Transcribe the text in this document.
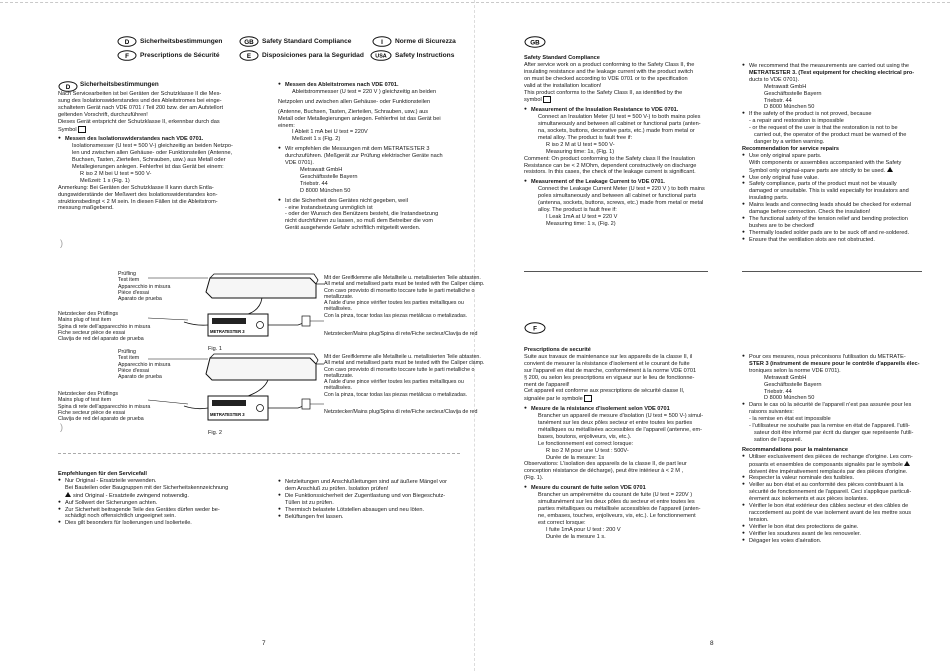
)
)
D Sicherheitsbestimmungen	GB Safety Standard Compliance	I Norme di Sicurezza
F Prescriptions de Sécurité	E Disposiciones para la Seguridad USA Safety Instructions
D Sicherheitsbestimmungen

Nach Servicearbeiten ist bei Geräten der Schutzklasse II die Mes-

sung des Isolationswiderstandes und des Ableitstromes bei einge-

schaltetem Gerät nach VDE 0701 / Teil 200 bzw. der am Aufstellort

geltenden Vorschrift, durchzuführen!

Dieses Gerät entspricht der Schutzklasse II, erkennbar durch das

Symbol

● Messen des Isolationswiderstandes nach VDE 0701.

Isolationsmesser (U test = 500 V-) gleichzeitig an beiden Netzpo-

len und zwischen allen Gehäuse- oder Funktionsteilen (Antenne,

Buchsen, Tasten, Zierteilen, Schrauben, usw.) aus Metall oder

Metallegierungen anlegen. Fehlerfrei ist das Gerät bei einem:

R iso 2 M bei U test = 500 V-

Meßzeit: 1 s (Fig. 1)

Anmerkung: Bei Geräten der Schutzklasse II kann durch Entla-

dungswiderstände der Meßwert des Isolationswiderstandes kon-

struktionsbedingt < 2 M sein. In diesen Fällen ist die Ableitstrom-

messung maßgebend.

● Messen des Ableitstromes nach VDE 0701.

Ableitstrommesser (U test = 220 V ) gleichzeitig an beiden

Netzpolen und zwischen allen Gehäuse- oder Funktionsteilen

(Antenne, Buchsen, Tasten, Zierteilen, Schrauben, usw.) aus

Metall oder Metallegierungen anlegen. Fehlerfrei ist das Gerät bei

einem:

I Ableit 1 mA bei U test = 220V

Meßzeit 1 s (Fig. 2)

● Wir empfehlen die Messungen mit dem METRATESTER 3

durchzuführen. (Meßgerät zur Prüfung elektrischer Geräte nach

VDE 0701).

Metrawatt GmbH

Geschäftsstelle Bayern

Triebstr. 44

D 8000 München 50

● Ist die Sicherheit des Gerätes nicht gegeben, weil

- eine Instandsetzung unmöglich ist

- oder der Wunsch des Benützers besteht, die Instandsetzung

nicht durchführen zu lassen, so muß dem Betreiber die vom

Gerät ausgehende Gefahr schriftlich mitgeteilt werden.

Prüfling
Test item
Apparecchio in misura
Pièce d'essai
Aparato de prueba
Netzstecker des Prüflings
Mains plug of test item
Spina di rete dell'apparecchio in misura
Fiche secteur pièce de essai
Clavija de red del aparato de prueba
METRATESTER 3
Mit der Greifklemme alle Metallteile u. metallisierten Teile abtasten.
All metal and metallised parts must be tested with the Caliper clamp.
Con cavo provvisto di morsetto toccare tutte le parti metalliche o
metallizzate.
A l'aide d'une pince vérifier toutes les parties métalliques ou
métallisées.
Con la pinza, tocar todas las piezas metálicas o metalizadas.
Netzstecker/Mains plug/Spina di rete/Fiche secteur/Clavija de red
Fig. 1
Prüfling
Test item
Apparecchio in misura
Pièce d'essai
Aparato de prueba
Netzstecker des Prüflings
Mains plug of test item
Spina di rete dell'apparecchio in misura
Fiche secteur pièce de essai
Clavija de red del aparato de prueba
METRATESTER 3
Mit der Greifklemme alle Metallteile u. metallisierten Teile abtasten.
All metal and metallised parts must be tested with the Caliper clamp.
Con cavo provvisto di morsetto toccare tutte le parti metalliche o
metallizzate.
A l'aide d'une pince vérifier toutes les parties métalliques ou
métallisées.
Con la pinza, tocar todas las piezas metálicas o metalizadas.
Netzstecker/Mains plug/Spina di rete/Fiche secteur/Clavija de red
Fig. 2

Empfehlungen für den Servicefall

● Nur Original - Ersatzteile verwenden.

Bei Bauteilen oder Baugruppen mit der Sicherheitskennzeichnung

sind Original - Ersatzteile zwingend notwendig.

● Auf Sollwert der Sicherungen achten.

● Zur Sicherheit beitragende Teile des Gerätes dürfen weder be-

schädigt noch offensichtlich ungeeignet sein.

● Dies gilt besonders für Isolierungen und Isolierteile.

● Netzleitungen und Anschlußleitungen sind auf äußere Mängel vor

dem Anschluß zu prüfen. Isolation prüfen!

● Die Funktionssicherheit der Zugentlastung und von Biegeschutz-

Tüllen ist zu prüfen.

● Thermisch belastete Lötstellen absaugen und neu löten.

● Belüftungen frei lassen.

7
GB

Safety Standard Compliance

After service work on a product conforming to the Safety Class II, the

insulating resistance and the leakage current with the product switch

on must be checked according to VDE 0701 or to the specification

valid at the installation location!

This product conforms to the Safety Class II, as identified by the

symbol

● Measurement of the Insulation Resistance to VDE 0701.

Connect an Insulation Meter (U test = 500 V-) to both mains poles

simultaneously and between all cabinet or functional parts (anten-

na, sockets, buttons, decorative parts, etc.) made from metal or

metal alloy. The product is fault free if:

R iso 2 M at U test = 500 V-

Measuring time: 1s, (Fig. 1)

Comment: On product conforming to the Safety class II the Insulation

Resistance can be < 2 MOhm, dependent constructively on discharge

resistors. In this cases, the check of the leakage current is significant.

● Measurement of the Leakage Current to VDE 0701.

Connect the Leakage Current Meter (U test = 220 V ) to both mains

poles simultaneously and between all cabinet or functional parts

(antenna, sockets, buttons, screws, etc.) made from metal or metal

alloy. The product is fault free if:

I Leak 1mA at U test = 220 V

Measuring time: 1 s, (Fig. 2)

● We recommend that the measurements are carried out using the

METRATESTER 3. (Test equipment for checking electrical pro-

ducts to VDE 0701).

Metrawatt GmbH

Geschäftsstelle Bayern

Triebstr. 44

D 8000 München 50

● If the safety of the product is not proved, because

- a repair and restoration is impossible

- or the request of the user is that the restoration is not to be

carried out, the operator of the product must be warned of the

danger by a written warning.

Recommendation for service repairs

● Use only original spare parts.

With components or assemblies accompanied with the Safety

Symbol only original-spare parts are strictly to be used.

● Use only original fuse value.

● Safety compliance, parts of the product must not be visually

damaged or unsuitable. This is valid especially for insulators and

insulating parts.

● Mains leads and connecting leads should be checked for external

damage before connection. Check the insulation!

● The functional safety of the tension relief and bending protection

bushes are to be checked!

● Thermally loaded solder pads are to be suck off and re-soldered.

● Ensure that the ventilation slots are not obstructed.

F

Prescriptions de securité

Suite aux travaux de maintenance sur les appareils de la classe II, il

convient de mesurer la résistance d'isolement et le courant de fuite

sur l'appareil en état de marche, conformément à la norme VDE 0701

§ 200, ou selon les prescriptions en vigueur sur le lieu de fonctionne-

ment de l'appareil!

Cet appareil est conforme aux prescriptions de sécurité classe II,

signalée par le symbole

● Mesure de la résistance d'isolement selon VDE 0701

Brancher un appareil de mesure d'isolation (U test = 500 V-) simul-

tanément sur les deux pôles secteur et entre toutes les parties

métalliques ou métallisées accessibles de l'appareil (antenne, em-

bases, boutons, enjoliveurs, vis, etc.).

Le fonctionnement est correct lorsque:

R iso 2 M pour une U test : 500V-

Durée de la mesure: 1s

Observations: L'isolation des appareils de la classe II, de part leur

conception résistance de décharge), peut être intérieur à < 2 M ,

(Fig. 1).

● Mesure du courant de fuite selon VDE 0701

Brancher un ampéremètre du courant de fuite (U test = 220V )

simultanément sur les deux pôles du secteur et entre toutes les

parties métalliques ou métallisée accessibles de l'appareil (anten-

ne, embases, touches, enjoliveurs, vis, etc.). Le fonctionnement

est correct lorsque:

I fuite 1mA pour U test : 200 V

Durée de la mesure 1 s.

● Pour ces mesures, nous préconisons l'utilisation du METRATE-

STER 3 (instrument de mesure pour le contrôle d'appareils élec-

troniques selon la norme VDE 0701).

Metrawatt GmbH

Geschäftsstelle Bayern

Triebstr. 44

D 8000 München 50

● Dans le cas où la sécurité de l'appareil n'est pas assurée pour les

raisons suivantes:

- la remise en état est impossible

- l'utilisateur ne souhaite pas la remise en état de l'appareil. l'utili-

sateur doit être informé par écrit du danger que représente l'utili-

sation de l'appareil.

Recommandations pour la maintenance

● Utiliser exclusivement des pièces de rechange d'origine. Les com-

posants et ensembles de composants signalés par le symbole

doivent être impérativement remplacés par des pièces d'origine.

● Respecter la valeur nominale des fusibles.

● Veiller au bon état et au conformité des pièces contribuant à la

sécurité de fonctionnement de l'appareil. Ceci s'applique particuli-

èrement aux isolements et aux pièces isolantes.

● Vérifier le bon état extérieur des câbles secteur et des câbles de

raccordement au point de vue isolement avant de les mettre sous

tension.

● Vérifier le bon état des protections de gaine.

● Vérifier les soudures avant de les renouveler.

● Dégager les voies d'aération.

8
